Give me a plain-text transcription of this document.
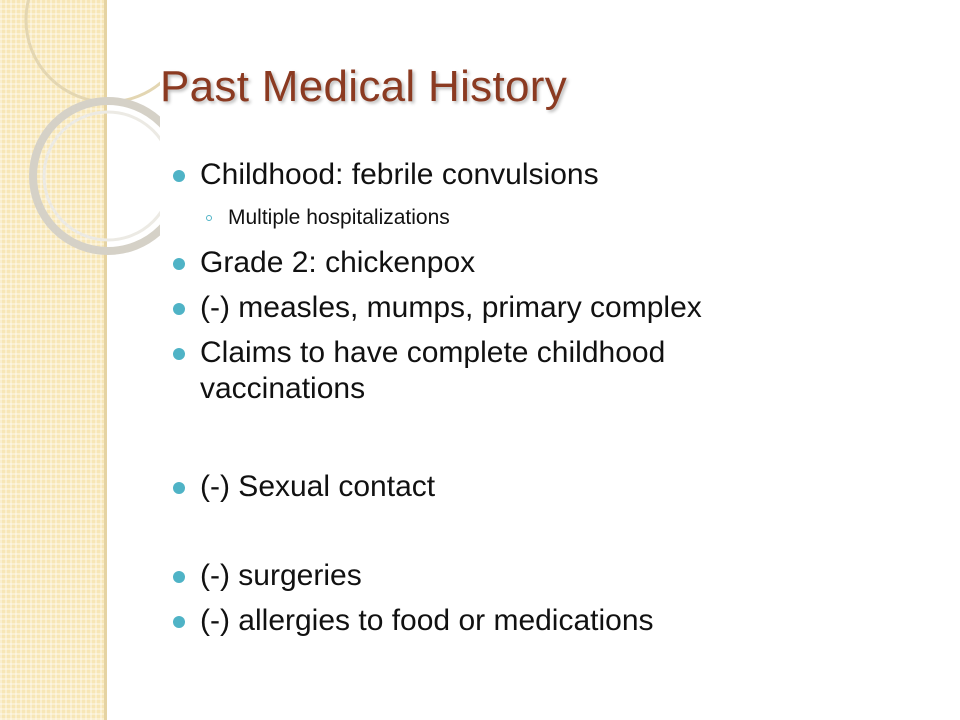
Past Medical History
Childhood: febrile convulsions
Multiple hospitalizations
Grade 2: chickenpox
(-) measles, mumps, primary complex
Claims to have complete childhood
vaccinations
(-) Sexual contact
(-) surgeries
(-) allergies to food or medications
